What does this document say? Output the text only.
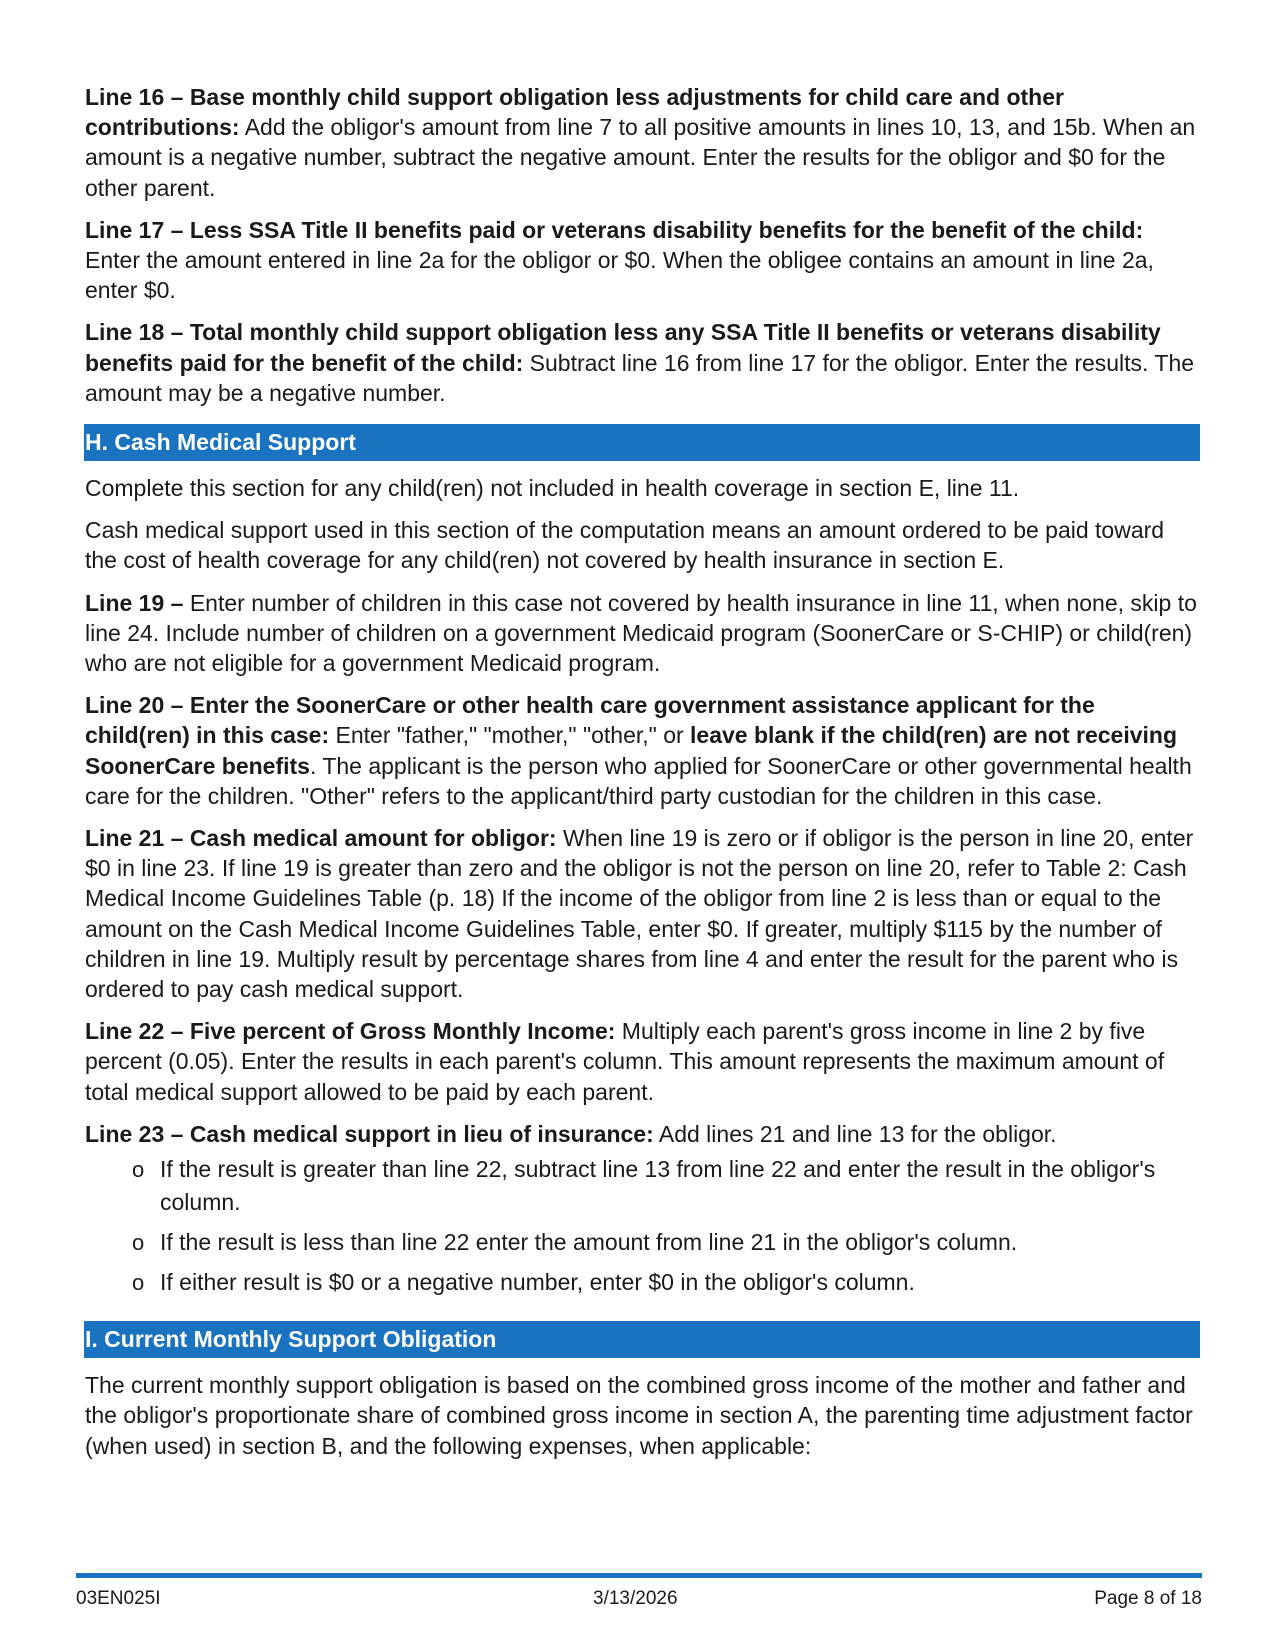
Line 16 – Base monthly child support obligation less adjustments for child care and other contributions: Add the obligor's amount from line 7 to all positive amounts in lines 10, 13, and 15b. When an amount is a negative number, subtract the negative amount. Enter the results for the obligor and $0 for the other parent.

Line 17 – Less SSA Title II benefits paid or veterans disability benefits for the benefit of the child: Enter the amount entered in line 2a for the obligor or $0. When the obligee contains an amount in line 2a, enter $0.

Line 18 – Total monthly child support obligation less any SSA Title II benefits or veterans disability benefits paid for the benefit of the child: Subtract line 16 from line 17 for the obligor. Enter the results. The amount may be a negative number.

H. Cash Medical Support

Complete this section for any child(ren) not included in health coverage in section E, line 11.

Cash medical support used in this section of the computation means an amount ordered to be paid toward the cost of health coverage for any child(ren) not covered by health insurance in section E.

Line 19 – Enter number of children in this case not covered by health insurance in line 11, when none, skip to line 24. Include number of children on a government Medicaid program (SoonerCare or S-CHIP) or child(ren) who are not eligible for a government Medicaid program.

Line 20 – Enter the SoonerCare or other health care government assistance applicant for the child(ren) in this case: Enter "father," "mother," "other," or leave blank if the child(ren) are not receiving SoonerCare benefits. The applicant is the person who applied for SoonerCare or other governmental health care for the children. "Other" refers to the applicant/third party custodian for the children in this case.

Line 21 – Cash medical amount for obligor: When line 19 is zero or if obligor is the person in line 20, enter $0 in line 23. If line 19 is greater than zero and the obligor is not the person on line 20, refer to Table 2: Cash Medical Income Guidelines Table (p. 18) If the income of the obligor from line 2 is less than or equal to the amount on the Cash Medical Income Guidelines Table, enter $0. If greater, multiply $115 by the number of children in line 19. Multiply result by percentage shares from line 4 and enter the result for the parent who is ordered to pay cash medical support.

Line 22 – Five percent of Gross Monthly Income: Multiply each parent's gross income in line 2 by five percent (0.05). Enter the results in each parent's column. This amount represents the maximum amount of total medical support allowed to be paid by each parent.

Line 23 – Cash medical support in lieu of insurance: Add lines 21 and line 13 for the obligor.

o If the result is greater than line 22, subtract line 13 from line 22 and enter the result in the obligor's column.
o If the result is less than line 22 enter the amount from line 21 in the obligor's column.
o If either result is $0 or a negative number, enter $0 in the obligor's column.
I. Current Monthly Support Obligation

The current monthly support obligation is based on the combined gross income of the mother and father and the obligor's proportionate share of combined gross income in section A, the parenting time adjustment factor (when used) in section B, and the following expenses, when applicable:

03EN025I	3/13/2026	Page 8 of 18
